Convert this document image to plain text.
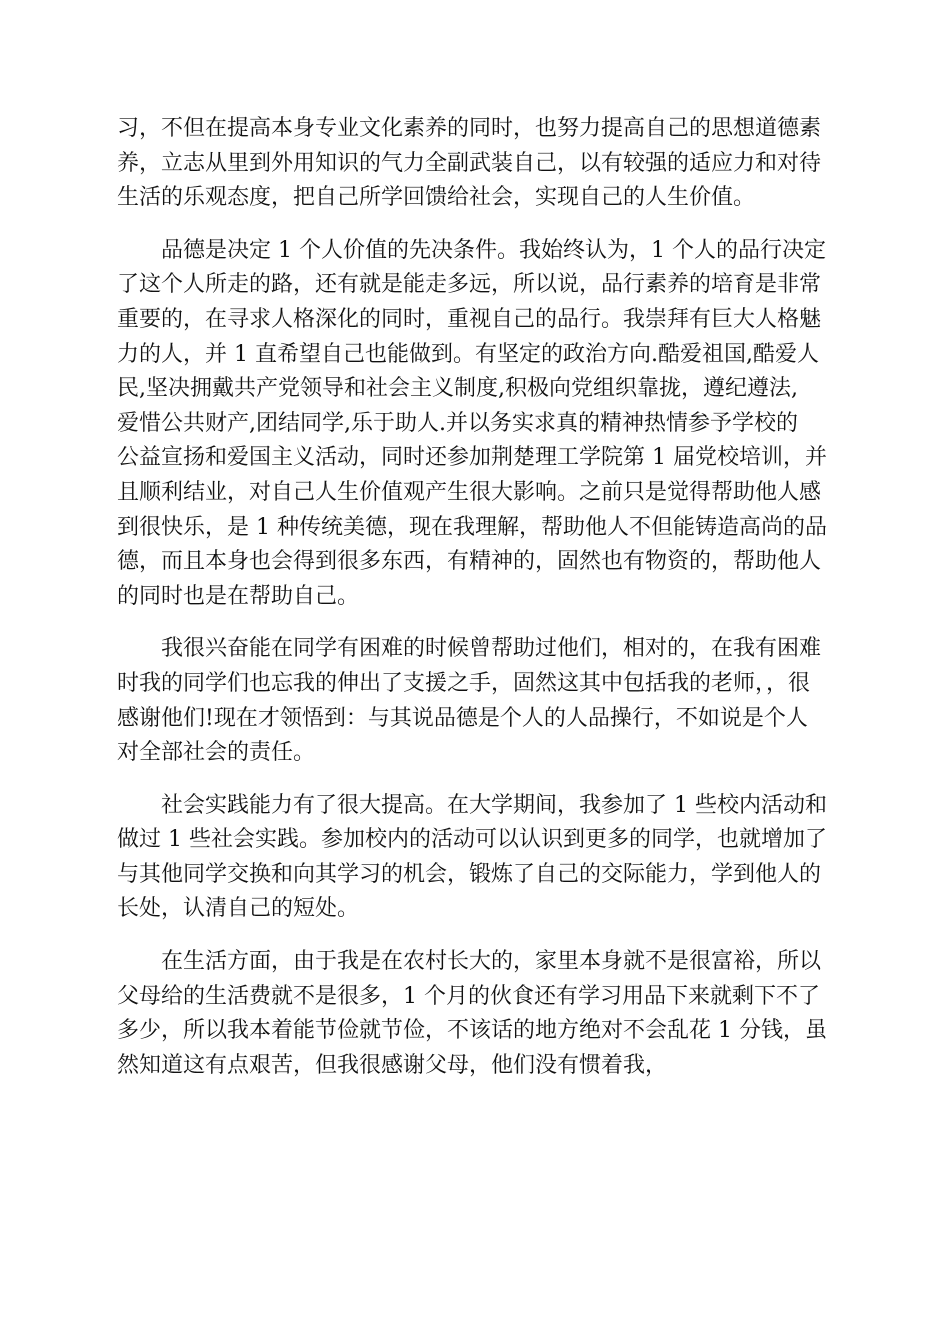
习，不但在提高本身专业文化素养的同时，也努力提高自己的思想道德素
养，立志从里到外用知识的气力全副武装自己，以有较强的适应力和对待
生活的乐观态度，把自己所学回馈给社会，实现自己的人生价值。
品德是决定 1 个人价值的先决条件。我始终认为，1 个人的品行决定
了这个人所走的路，还有就是能走多远，所以说，品行素养的培育是非常
重要的，在寻求人格深化的同时，重视自己的品行。我崇拜有巨大人格魅
力的人，并 1 直希望自己也能做到。有坚定的政治方向.酷爱祖国,酷爱人
民,坚决拥戴共产党领导和社会主义制度,积极向党组织靠拢，遵纪遵法,
爱惜公共财产,团结同学,乐于助人.并以务实求真的精神热情参予学校的
公益宣扬和爱国主义活动，同时还参加荆楚理工学院第 1 届党校培训，并
且顺利结业，对自己人生价值观产生很大影响。之前只是觉得帮助他人感
到很快乐，是 1 种传统美德，现在我理解，帮助他人不但能铸造高尚的品
德，而且本身也会得到很多东西，有精神的，固然也有物资的，帮助他人
的同时也是在帮助自己。
我很兴奋能在同学有困难的时候曾帮助过他们，相对的，在我有困难
时我的同学们也忘我的伸出了支援之手，固然这其中包括我的老师，，很
感谢他们!现在才领悟到：与其说品德是个人的人品操行，不如说是个人
对全部社会的责任。
社会实践能力有了很大提高。在大学期间，我参加了 1 些校内活动和
做过 1 些社会实践。参加校内的活动可以认识到更多的同学，也就增加了
与其他同学交换和向其学习的机会，锻炼了自己的交际能力，学到他人的
长处，认清自己的短处。
在生活方面，由于我是在农村长大的，家里本身就不是很富裕，所以
父母给的生活费就不是很多，1 个月的伙食还有学习用品下来就剩下不了
多少，所以我本着能节俭就节俭，不该话的地方绝对不会乱花 1 分钱，虽
然知道这有点艰苦，但我很感谢父母，他们没有惯着我，
